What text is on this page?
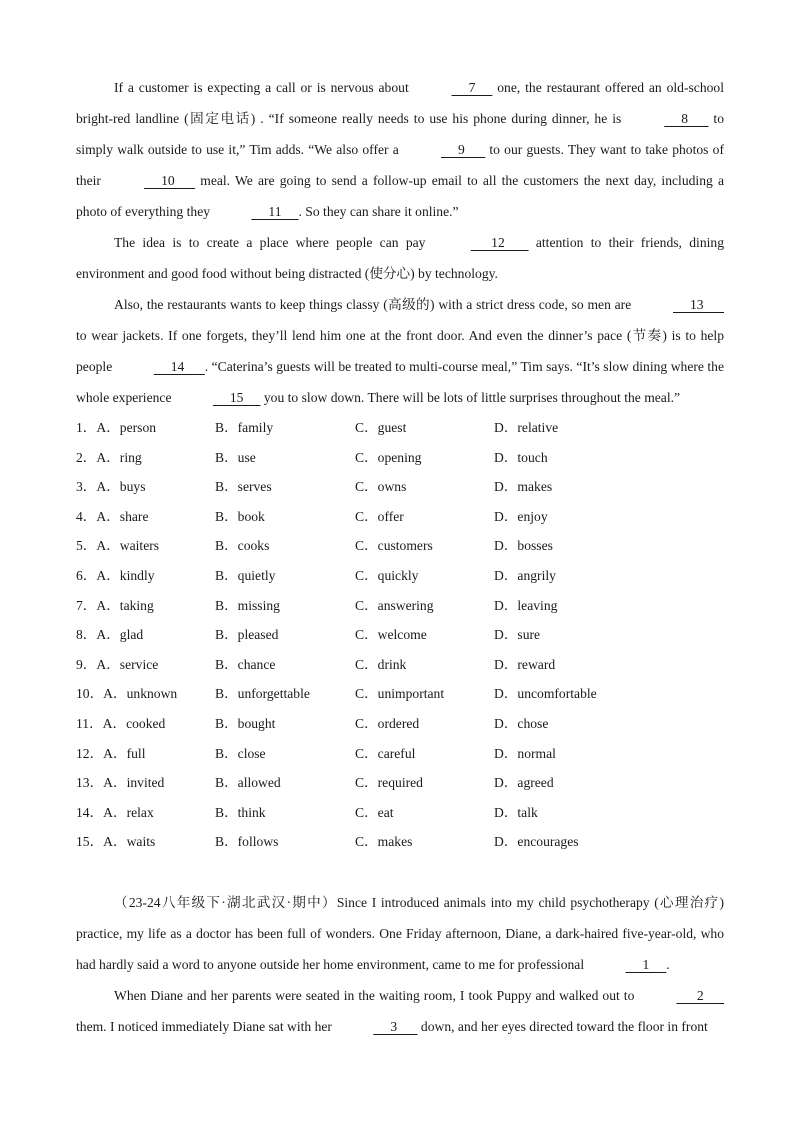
If a customer is expecting a call or is nervous about	7      one, the restaurant offered an old-school bright-red landline (固定电话) . “If someone really needs to use his phone during dinner, he is	8       to simply walk outside to use it,” Tim adds. “We also offer a	9       to our guests. They want to take photos of their	10       meal. We are going to send a follow-up email to all the customers the next day, including a photo of everything they	11     . So they can share it online.”

The idea is to create a place where people can pay	12        attention to their friends, dining environment and good food without being distracted (使分心) by technology.

Also, the restaurants wants to keep things classy (高级的) with a strict dress code, so men are	13       to wear jackets. If one forgets, they’ll lend him one at the front door. And even the dinner’s pace (节奏) is to help people	14      . “Caterina’s guests will be treated to multi-course meal,” Tim says. “It’s slow dining where the whole experience	15      you to slow down. There will be lots of little surprises throughout the meal.”

1．A．person	B．family	C．guest	D．relative
2．A．ring	B．use	C．opening	D．touch
3．A．buys	B．serves	C．owns	D．makes
4．A．share	B．book	C．offer	D．enjoy
5．A．waiters	B．cooks	C．customers	D．bosses
6．A．kindly	B．quietly	C．quickly	D．angrily
7．A．taking	B．missing	C．answering	D．leaving
8．A．glad	B．pleased	C．welcome	D．sure
9．A．service	B．chance	C．drink	D．reward
10．A．unknown	B．unforgettable	C．unimportant	D．uncomfortable
11．A．cooked	B．bought	C．ordered	D．chose
12．A．full	B．close	C．careful	D．normal
13．A．invited	B．allowed	C．required	D．agreed
14．A．relax	B．think	C．eat	D．talk
15．A．waits	B．follows	C．makes	D．encourages

（23-24八年级下·湖北武汉·期中）Since I introduced animals into my child psychotherapy (心理治疗) practice, my life as a doctor has been full of wonders. One Friday afternoon, Diane, a dark-haired five-year-old, who had hardly said a word to anyone outside her home environment, came to me for professional	1     .

When Diane and her parents were seated in the waiting room, I took Puppy and walked out to	2       them. I noticed immediately Diane sat with her	3       down, and her eyes directed toward the floor in front
